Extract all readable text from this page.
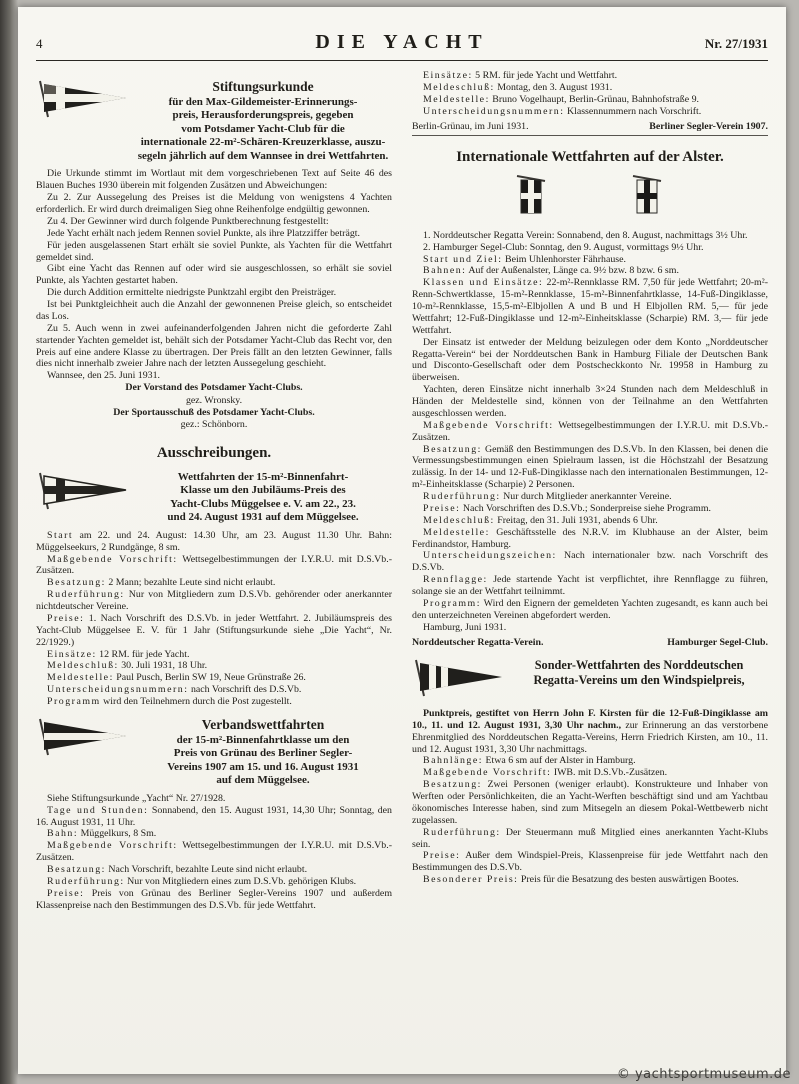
4	DIE YACHT	Nr. 27/1931
Stiftungsurkunde
für den Max-Gildemeister-Erinnerungs-
preis, Herausforderungspreis, gegeben
vom Potsdamer Yacht-Club für die
internationale 22-m²-Schären-Kreuzerklasse, auszu-
segeln jährlich auf dem Wannsee in drei Wettfahrten.

Die Urkunde stimmt im Wortlaut mit dem vorgeschriebenen Text auf Seite 46 des Blauen Buches 1930 überein mit folgenden Zusätzen und Abweichungen:

Zu 2. Zur Aussegelung des Preises ist die Meldung von wenigstens 4 Yachten erforderlich. Er wird durch dreimaligen Sieg ohne Reihenfolge endgültig gewonnen.

Zu 4. Der Gewinner wird durch folgende Punktberechnung festgestellt:

Jede Yacht erhält nach jedem Rennen soviel Punkte, als ihre Platzziffer beträgt.

Für jeden ausgelassenen Start erhält sie soviel Punkte, als Yachten für die Wettfahrt gemeldet sind.

Gibt eine Yacht das Rennen auf oder wird sie ausgeschlossen, so erhält sie soviel Punkte, als Yachten gestartet haben.

Die durch Addition ermittelte niedrigste Punktzahl ergibt den Preisträger.

Ist bei Punktgleichheit auch die Anzahl der gewonnenen Preise gleich, so entscheidet das Los.

Zu 5. Auch wenn in zwei aufeinanderfolgenden Jahren nicht die geforderte Zahl startender Yachten gemeldet ist, behält sich der Potsdamer Yacht-Club das Recht vor, den Preis auf eine andere Klasse zu übertragen. Der Preis fällt an den letzten Gewinner, falls dies nicht innerhalb zweier Jahre nach der letzten Aussegelung geschieht.

Wannsee, den 25. Juni 1931.

Der Vorstand des Potsdamer Yacht-Clubs.

gez. Wronsky.

Der Sportausschuß des Potsdamer Yacht-Clubs.

gez.: Schönborn.

Ausschreibungen.
Wettfahrten der 15-m²-Binnenfahrt-
Klasse um den Jubiläums-Preis des
Yacht-Clubs Müggelsee e. V. am 22., 23.
und 24. August 1931 auf dem Müggelsee.

Start am 22. und 24. August: 14.30 Uhr, am 23. August 11.30 Uhr. Bahn: Müggelseekurs, 2 Rundgänge, 8 sm.

Maßgebende Vorschrift: Wettsegelbestimmungen der I.Y.R.U. mit D.S.Vb.-Zusätzen.

Besatzung: 2 Mann; bezahlte Leute sind nicht erlaubt.

Ruderführung: Nur von Mitgliedern zum D.S.Vb. gehörender oder anerkannter nichtdeutscher Vereine.

Preise: 1. Nach Vorschrift des D.S.Vb. in jeder Wettfahrt. 2. Jubiläumspreis des Yacht-Club Müggelsee E. V. für 1 Jahr (Stiftungsurkunde siehe „Die Yacht“, Nr. 22/1929.)

Einsätze: 12 RM. für jede Yacht.

Meldeschluß: 30. Juli 1931, 18 Uhr.

Meldestelle: Paul Pusch, Berlin SW 19, Neue Grünstraße 26.

Unterscheidungsnummern: nach Vorschrift des D.S.Vb.

Programm wird den Teilnehmern durch die Post zugestellt.

Verbandswettfahrten
der 15-m²-Binnenfahrtklasse um den
Preis von Grünau des Berliner Segler-
Vereins 1907 am 15. und 16. August 1931
auf dem Müggelsee.

Siehe Stiftungsurkunde „Yacht“ Nr. 27/1928.

Tage und Stunden: Sonnabend, den 15. August 1931, 14,30 Uhr; Sonntag, den 16. August 1931, 11 Uhr.

Bahn: Müggelkurs, 8 Sm.

Maßgebende Vorschrift: Wettsegelbestimmungen der I.Y.R.U. mit D.S.Vb.-Zusätzen.

Besatzung: Nach Vorschrift, bezahlte Leute sind nicht erlaubt.

Ruderführung: Nur von Mitgliedern eines zum D.S.Vb. gehörigen Klubs.

Preise: Preis von Grünau des Berliner Segler-Vereins 1907 und außerdem Klassenpreise nach den Bestimmungen des D.S.Vb. für jede Wettfahrt.

Einsätze: 5 RM. für jede Yacht und Wettfahrt.

Meldeschluß: Montag, den 3. August 1931.

Meldestelle: Bruno Vogelhaupt, Berlin-Grünau, Bahnhofstraße 9.

Unterscheidungsnummern: Klassennummern nach Vorschrift.

Berlin-Grünau, im Juni 1931.	Berliner Segler-Verein 1907.

Internationale Wettfahrten auf der Alster.

1. Norddeutscher Regatta Verein: Sonnabend, den 8. August, nachmittags 3½ Uhr.

2. Hamburger Segel-Club: Sonntag, den 9. August, vormittags 9½ Uhr.

Start und Ziel: Beim Uhlenhorster Fährhause.

Bahnen: Auf der Außenalster, Länge ca. 9½ bzw. 8 bzw. 6 sm.

Klassen und Einsätze: 22-m²-Rennklasse RM. 7,50 für jede Wettfahrt; 20-m²-Renn-Schwertklasse, 15-m²-Rennklasse, 15-m²-Binnenfahrtklasse, 14-Fuß-Dingiklasse, 10-m²-Rennklasse, 15,5-m²-Elbjollen A und B und H Elbjollen RM. 5,— für jede Wettfahrt; 12-Fuß-Dingiklasse und 12-m²-Einheitsklasse (Scharpie) RM. 3,— für jede Wettfahrt.

Der Einsatz ist entweder der Meldung beizulegen oder dem Konto „Norddeutscher Regatta-Verein“ bei der Norddeutschen Bank in Hamburg Filiale der Deutschen Bank und Disconto-Gesellschaft oder dem Postscheckkonto Nr. 19958 in Hamburg zu überweisen.

Yachten, deren Einsätze nicht innerhalb 3×24 Stunden nach dem Meldeschluß in Händen der Meldestelle sind, können von der Teilnahme an den Wettfahrten ausgeschlossen werden.

Maßgebende Vorschrift: Wettsegelbestimmungen der I.Y.R.U. mit D.S.Vb.-Zusätzen.

Besatzung: Gemäß den Bestimmungen des D.S.Vb. In den Klassen, bei denen die Vermessungsbestimmungen einen Spielraum lassen, ist die Höchstzahl der Besatzung zulässig. In der 14- und 12-Fuß-Dingiklasse nach den internationalen Bestimmungen, 12-m²-Einheitsklasse (Scharpie) 2 Personen.

Ruderführung: Nur durch Mitglieder anerkannter Vereine.

Preise: Nach Vorschriften des D.S.Vb.; Sonderpreise siehe Programm.

Meldeschluß: Freitag, den 31. Juli 1931, abends 6 Uhr.

Meldestelle: Geschäftsstelle des N.R.V. im Klubhause an der Alster, beim Ferdinandstor, Hamburg.

Unterscheidungszeichen: Nach internationaler bzw. nach Vorschrift des D.S.Vb.

Rennflagge: Jede startende Yacht ist verpflichtet, ihre Rennflagge zu führen, solange sie an der Wettfahrt teilnimmt.

Programm: Wird den Eignern der gemeldeten Yachten zugesandt, es kann auch bei den unterzeichneten Vereinen abgefordert werden.

Hamburg, Juni 1931.

Norddeutscher Regatta-Verein.	Hamburger Segel-Club.

Sonder-Wettfahrten des Norddeutschen
Regatta-Vereins um den Windspielpreis,

Punktpreis, gestiftet von Herrn John F. Kirsten für die 12-Fuß-Dingiklasse am 10., 11. und 12. August 1931, 3,30 Uhr nachm., zur Erinnerung an das verstorbene Ehrenmitglied des Norddeutschen Regatta-Vereins, Herrn Friedrich Kirsten, am 10., 11. und 12. August 1931, 3,30 Uhr nachmittags.

Bahnlänge: Etwa 6 sm auf der Alster in Hamburg.

Maßgebende Vorschrift: IWB. mit D.S.Vb.-Zusätzen.

Besatzung: Zwei Personen (weniger erlaubt). Konstrukteure und Inhaber von Werften oder Persönlichkeiten, die an Yacht-Werften beschäftigt sind und am Yachtbau ökonomisches Interesse haben, sind zum Mitsegeln an diesem Pokal-Wettbewerb nicht zugelassen.

Ruderführung: Der Steuermann muß Mitglied eines anerkannten Yacht-Klubs sein.

Preise: Außer dem Windspiel-Preis, Klassenpreise für jede Wettfahrt nach den Bestimmungen des D.S.Vb.

Besonderer Preis: Preis für die Besatzung des besten auswärtigen Bootes.

© yachtsportmuseum.de
